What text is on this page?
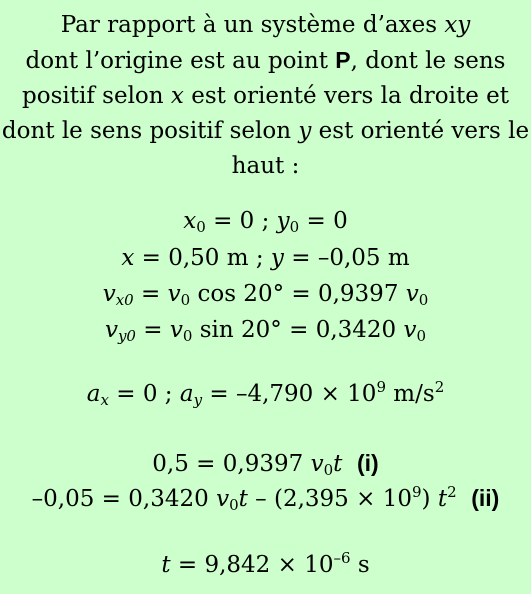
Par rapport à un système d’axes xy
dont l’origine est au point P, dont le sens positif selon x est orienté vers la droite et dont le sens positif selon y est orienté vers le haut :
$x_0 = 0$ ; $y_0 = 0$
x = 0,50 m ; y = –0,05 m
$v_{x0} = v_0$ cos 20° = 0,9397 $v_0$
$v_{y0} = v_0$ sin 20° = 0,3420 $v_0$
$a_x = 0$ ; $a_y = -4,790 \times 10^9$ $m/s^2$
0,5 = 0,9397 $v_0t$ (i)
–0,05 = 0,3420 $v_0t - (2,395 \times 10^9)$ $t^2$ (ii)
$t = 9,842 \times 10^{-6}$ s
